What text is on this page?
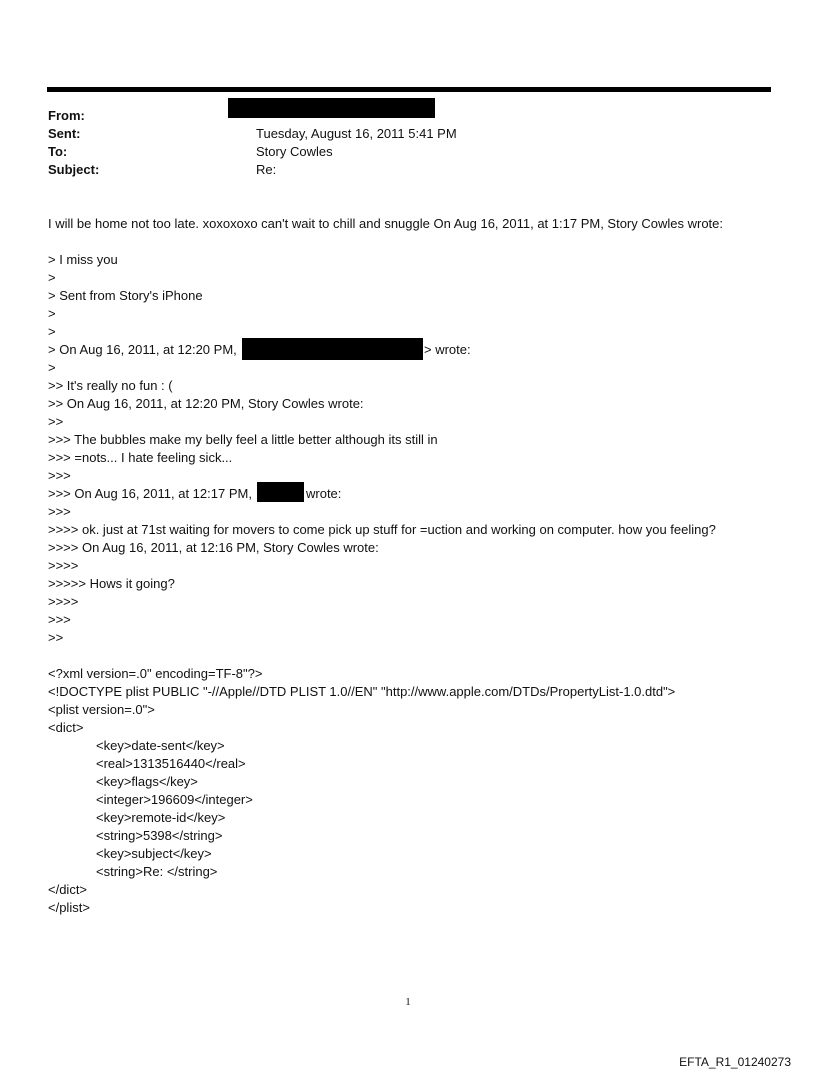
From:
Sent:	Tuesday, August 16, 2011 5:41 PM
To:	Story Cowles
Subject:	Re:
I will be home not too late. xoxoxoxo can't wait to chill and snuggle On Aug 16, 2011, at 1:17 PM, Story Cowles wrote:
> I miss you
>
> Sent from Story's iPhone
>
>
> On Aug 16, 2011, at 12:20 PM,	> wrote:
>
>> It's really no fun : (
>> On Aug 16, 2011, at 12:20 PM, Story Cowles wrote:
>>
>>> The bubbles make my belly feel a little better although its still in
>>> =nots... I hate feeling sick...
>>>
>>> On Aug 16, 2011, at 12:17 PM,	wrote:
>>>
>>>> ok. just at 71st waiting for movers to come pick up stuff for =uction and working on computer. how you feeling?
>>>> On Aug 16, 2011, at 12:16 PM, Story Cowles wrote:
>>>>
>>>>> Hows it going?
>>>>
>>>
>>
<?xml version=.0" encoding=TF-8"?>
<!DOCTYPE plist PUBLIC "-//Apple//DTD PLIST 1.0//EN" "http://www.apple.com/DTDs/PropertyList-1.0.dtd">
<plist version=.0">
<dict>
<key>date-sent</key>
<real>1313516440</real>
<key>flags</key>
<integer>196609</integer>
<key>remote-id</key>
<string>5398</string>
<key>subject</key>
<string>Re: </string>
</dict>
</plist>
1
EFTA_R1_01240273
